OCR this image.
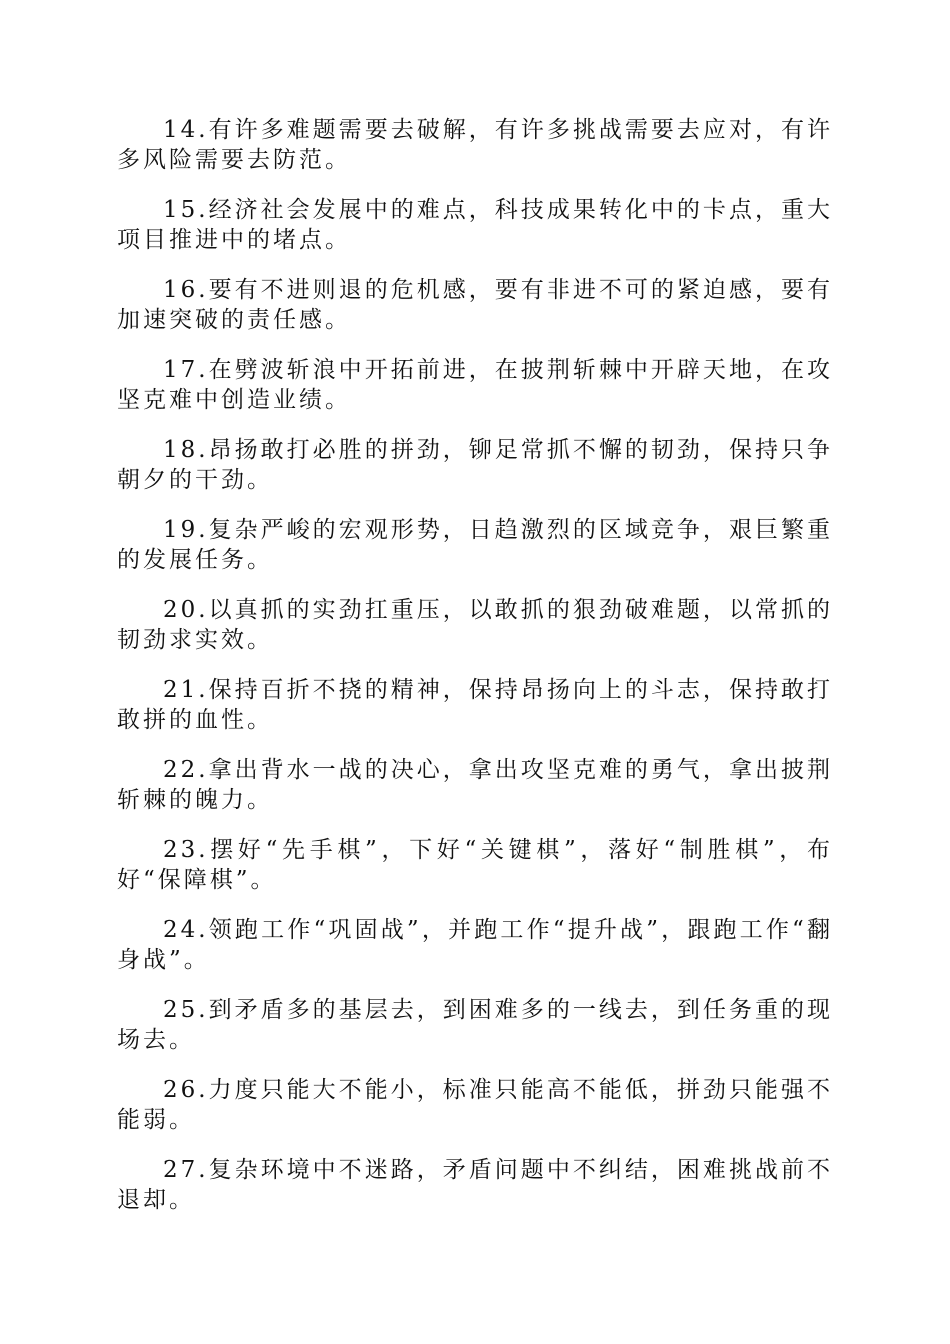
14.有许多难题需要去破解，有许多挑战需要去应对，有许多风险需要去防范。

15.经济社会发展中的难点，科技成果转化中的卡点，重大项目推进中的堵点。

16.要有不进则退的危机感，要有非进不可的紧迫感，要有加速突破的责任感。

17.在劈波斩浪中开拓前进，在披荆斩棘中开辟天地，在攻坚克难中创造业绩。

18.昂扬敢打必胜的拼劲，铆足常抓不懈的韧劲，保持只争朝夕的干劲。

19.复杂严峻的宏观形势，日趋激烈的区域竞争，艰巨繁重的发展任务。

20.以真抓的实劲扛重压，以敢抓的狠劲破难题，以常抓的韧劲求实效。

21.保持百折不挠的精神，保持昂扬向上的斗志，保持敢打敢拼的血性。

22.拿出背水一战的决心，拿出攻坚克难的勇气，拿出披荆斩棘的魄力。

23.摆好“先手棋”，下好“关键棋”，落好“制胜棋”，布好“保障棋”。

24.领跑工作“巩固战”，并跑工作“提升战”，跟跑工作“翻身战”。

25.到矛盾多的基层去，到困难多的一线去，到任务重的现场去。

26.力度只能大不能小，标准只能高不能低，拼劲只能强不能弱。

27.复杂环境中不迷路，矛盾问题中不纠结，困难挑战前不退却。
